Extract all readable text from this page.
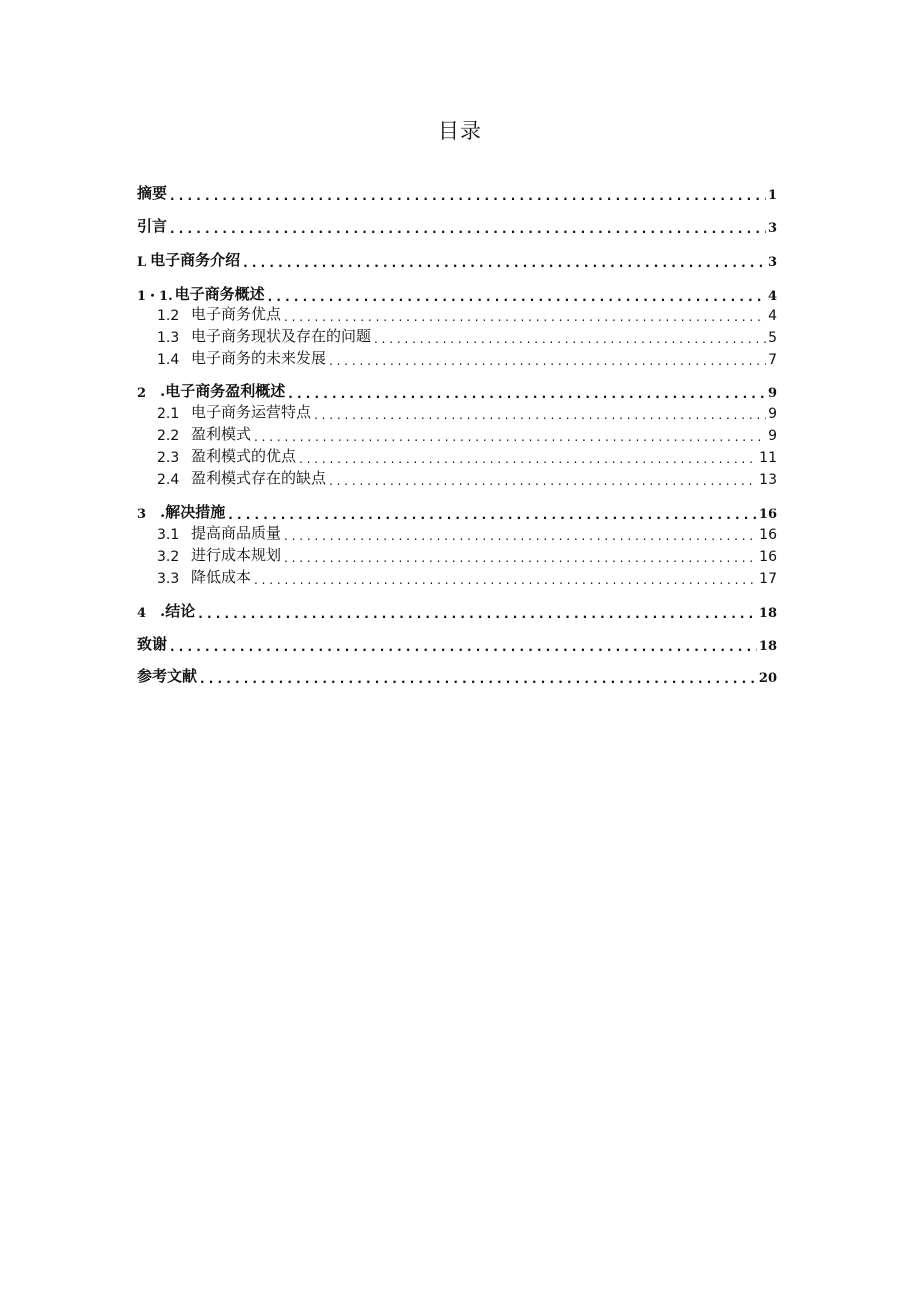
目录
摘要 . . .	1
引言 . . .	3
L 电子商务介绍 . . .	3
1・1. 电子商务概述 . . .	4
1.2 电子商务优点 . . .	4
1.3 电子商务现状及存在的问题 . . .	5
1.4 电子商务的未来发展 . . .	7
2 .电子商务盈利概述 . . .	9
2.1 电子商务运营特点 . . .	9
2.2 盈利模式 . . .	9
2.3 盈利模式的优点 . . .	11
2.4 盈利模式存在的缺点 . . .	13
3 .解决措施 . . .	16
3.1 提高商品质量 . . .	16
3.2 进行成本规划 . . .	16
3.3 降低成本 . . .	17
4 .结论 . . .	18
致谢 . . .	18
参考文献 . . .	20
